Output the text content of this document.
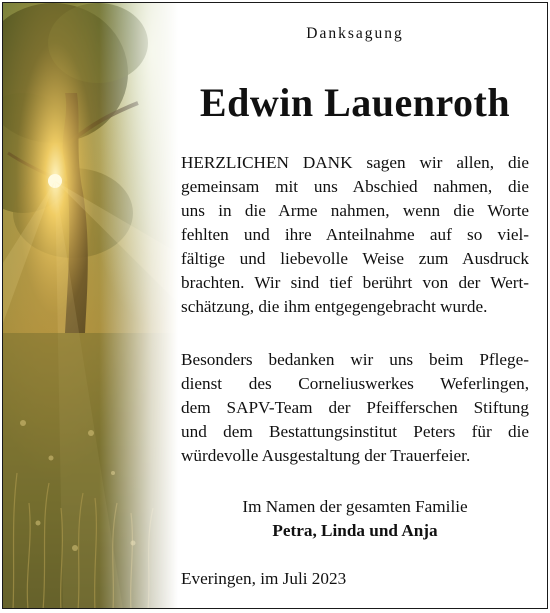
Danksagung
Edwin Lauenroth
HERZLICHEN DANK sagen wir allen, die
gemeinsam mit uns Abschied nahmen, die
uns in die Arme nahmen, wenn die Worte
fehlten und ihre Anteilnahme auf so viel-
fältige und liebevolle Weise zum Ausdruck
brachten. Wir sind tief berührt von der Wert-
schätzung, die ihm entgegengebracht wurde.
Besonders bedanken wir uns beim Pflege-
dienst des Corneliuswerkes Weferlingen,
dem SAPV-Team der Pfeifferschen Stiftung
und dem Bestattungsinstitut Peters für die
würdevolle Ausgestaltung der Trauerfeier.
Im Namen der gesamten Familie
Petra, Linda und Anja
Everingen, im Juli 2023
